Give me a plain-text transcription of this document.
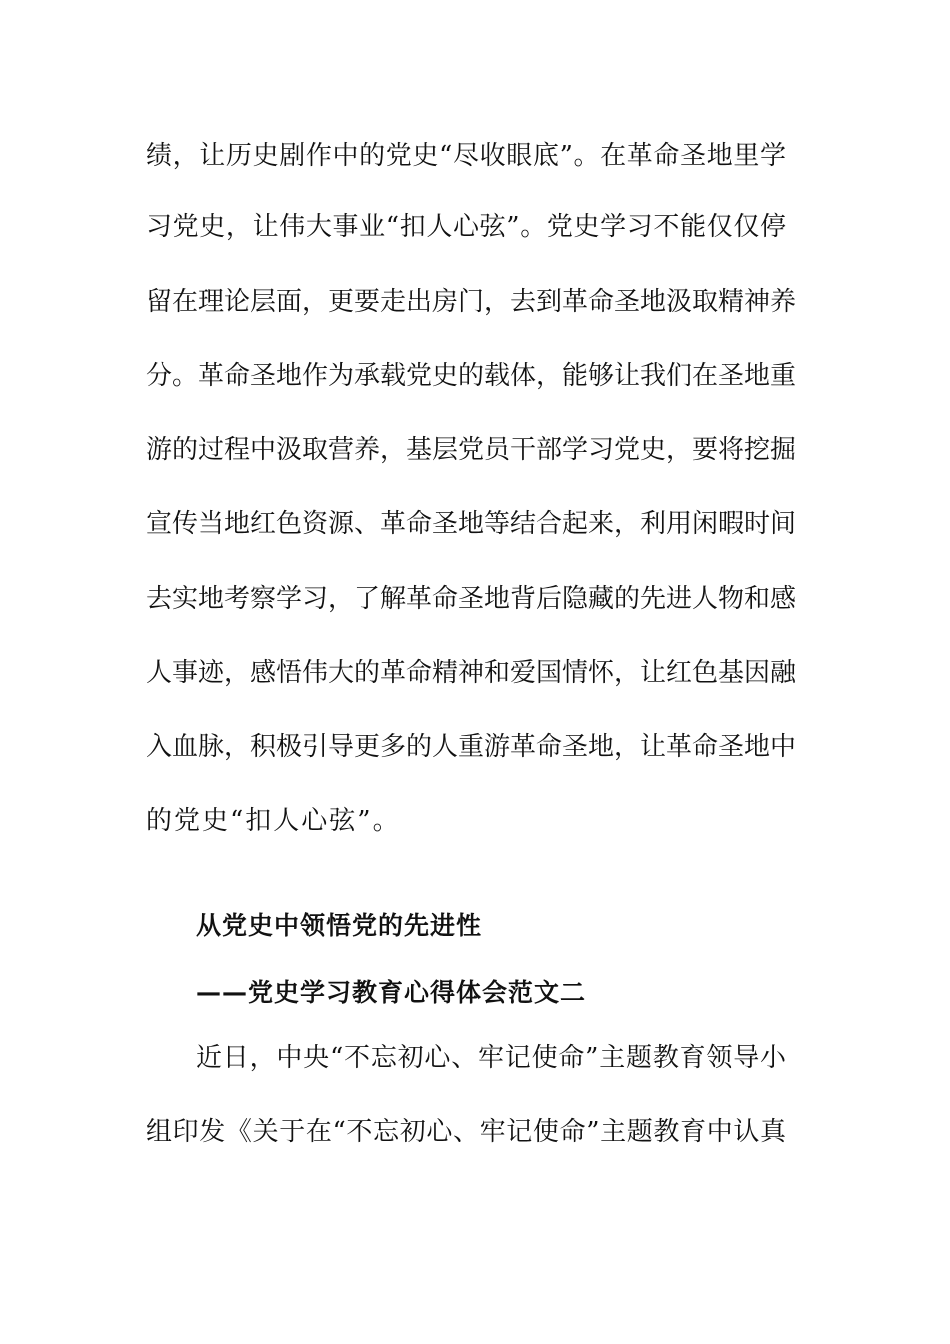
绩，让历史剧作中的党史“尽收眼底”。在革命圣地里学
习党史，让伟大事业“扣人心弦”。党史学习不能仅仅停
留在理论层面，更要走出房门，去到革命圣地汲取精神养
分。革命圣地作为承载党史的载体，能够让我们在圣地重
游的过程中汲取营养，基层党员干部学习党史，要将挖掘
宣传当地红色资源、革命圣地等结合起来，利用闲暇时间
去实地考察学习，了解革命圣地背后隐藏的先进人物和感
人事迹，感悟伟大的革命精神和爱国情怀，让红色基因融
入血脉，积极引导更多的人重游革命圣地，让革命圣地中
的党史“扣人心弦”。
从党史中领悟党的先进性
——党史学习教育心得体会范文二
近日，中央“不忘初心、牢记使命”主题教育领导小
组印发《关于在“不忘初心、牢记使命”主题教育中认真
